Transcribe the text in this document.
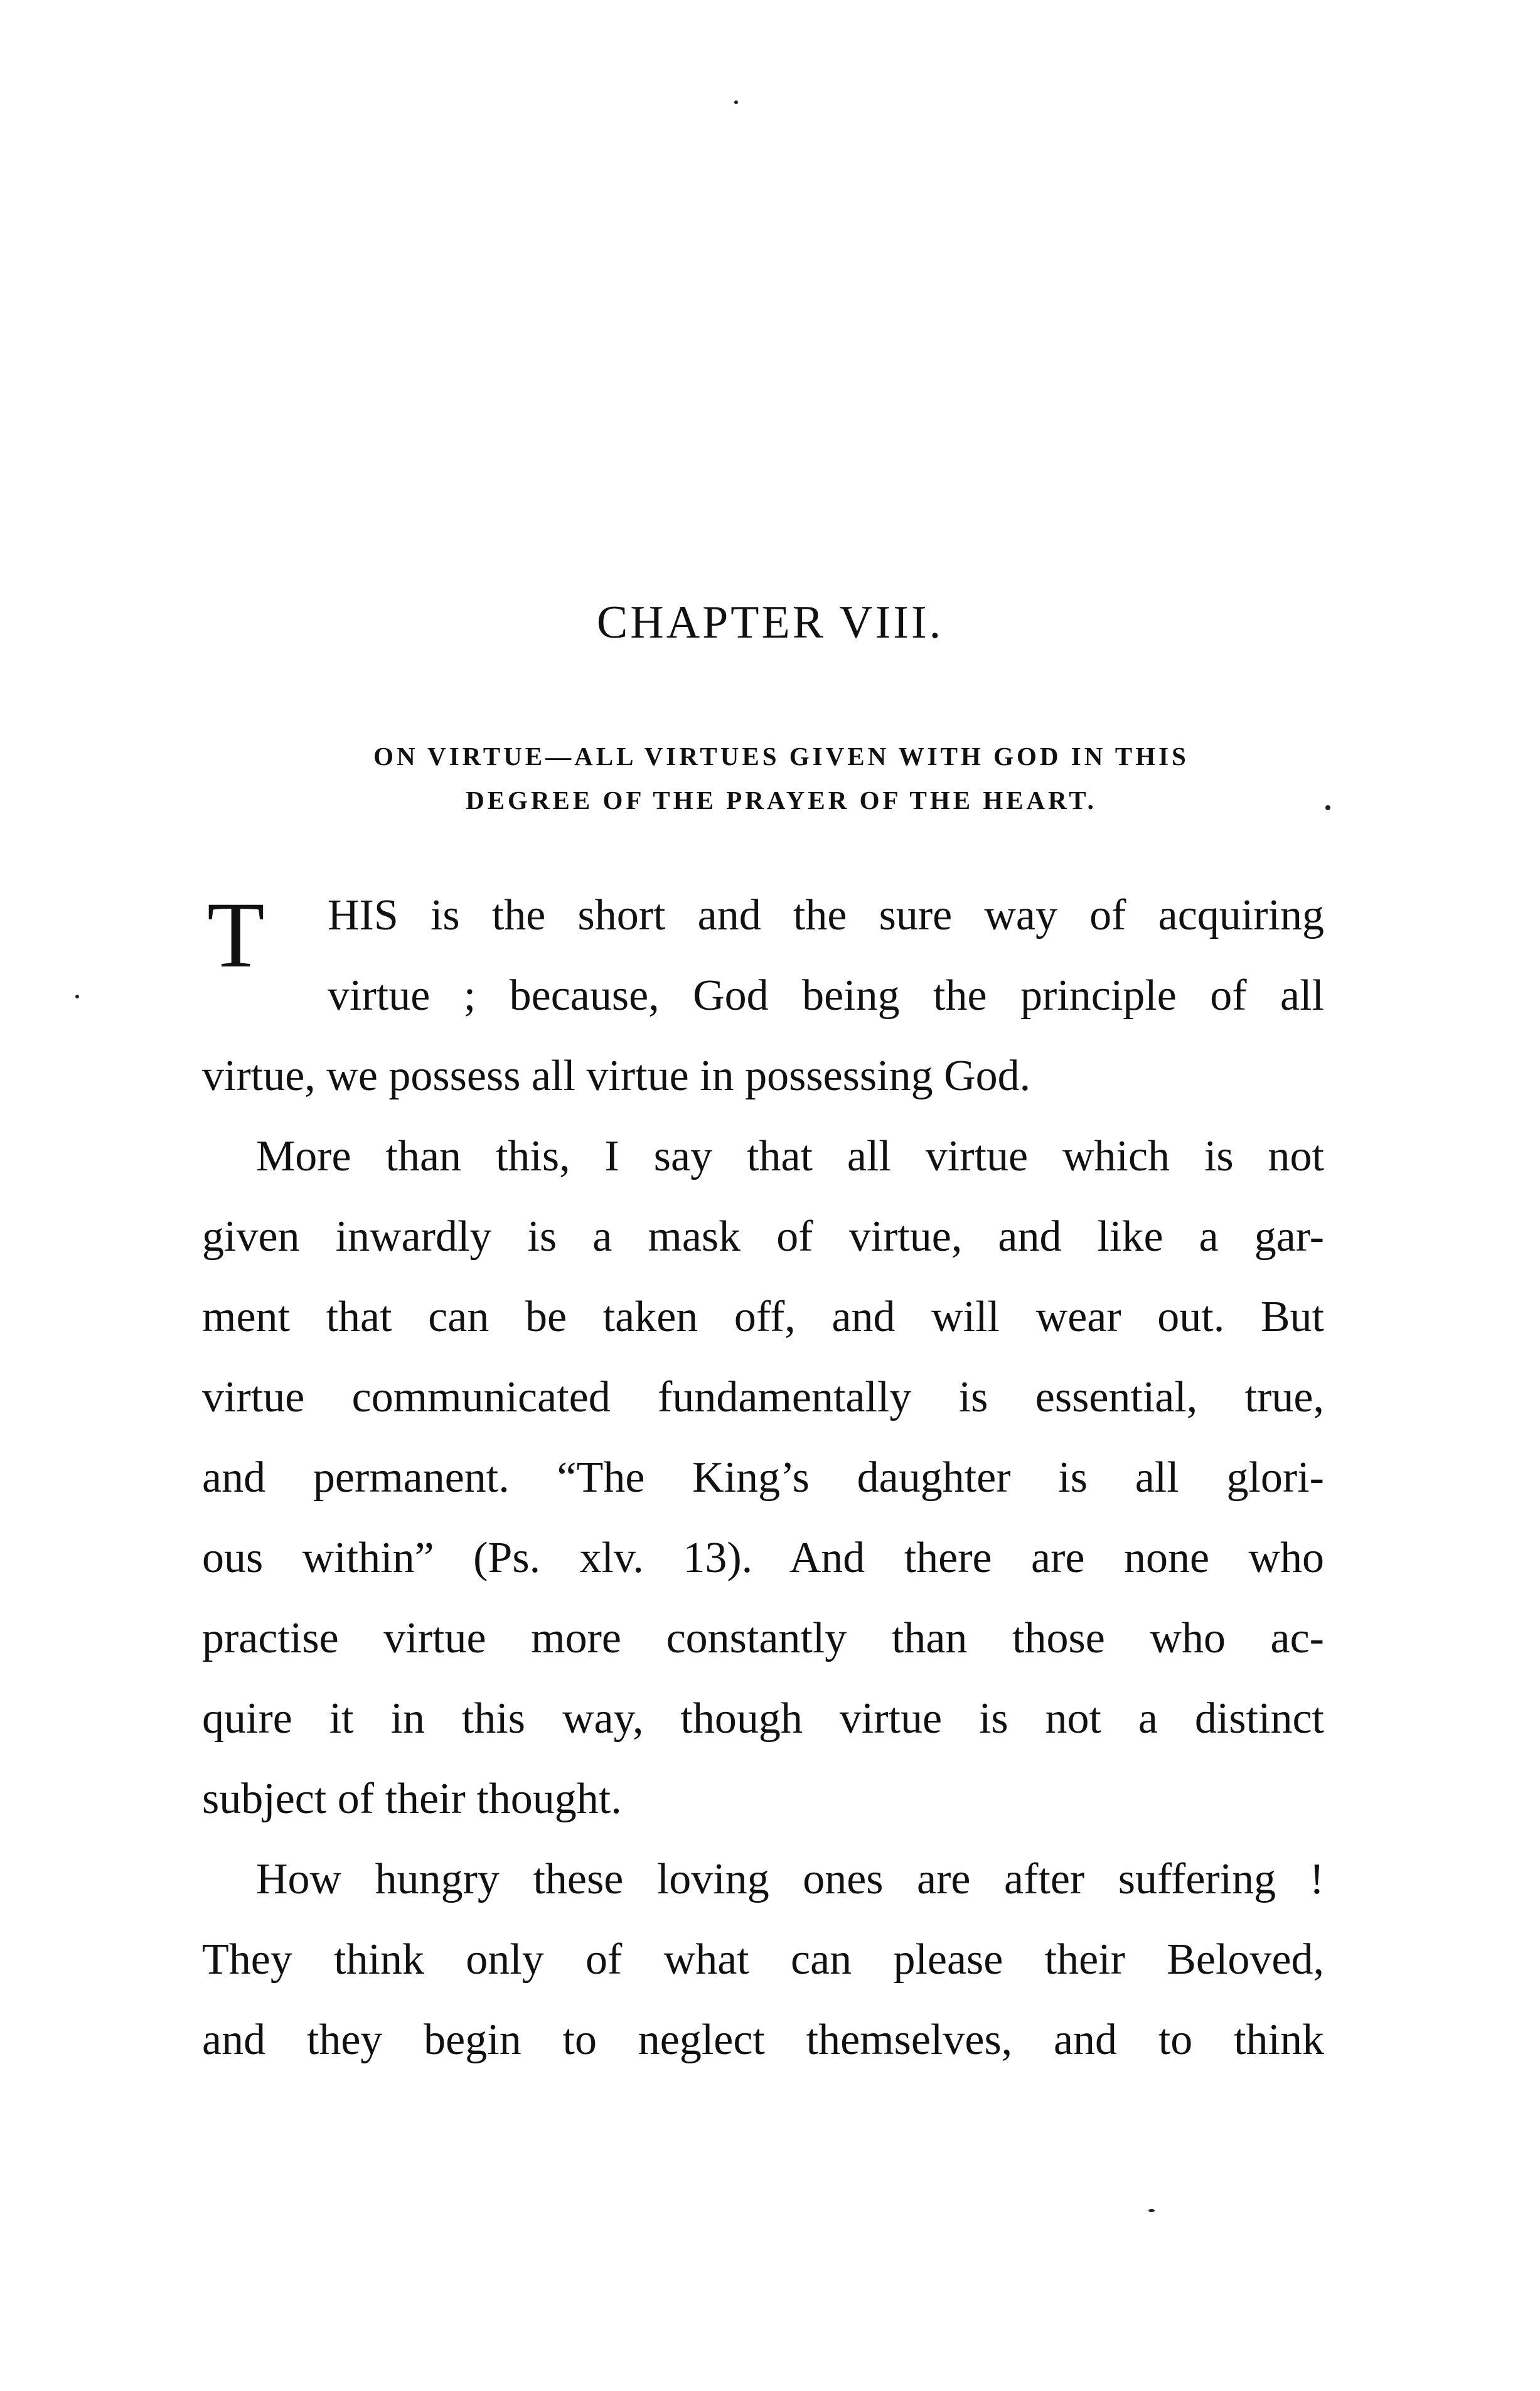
CHAPTER VIII.
ON VIRTUE—ALL VIRTUES GIVEN WITH GOD IN THIS
DEGREE OF THE PRAYER OF THE HEART.
T	HIS is the short and the sure way of acquiring
virtue ; because, God being the principle of all
virtue, we possess all virtue in possessing God.
More than this, I say that all virtue which is not
given inwardly is a mask of virtue, and like a gar-
ment that can be taken off, and will wear out. But
virtue communicated fundamentally is essential, true,
and permanent. “The King’s daughter is all glori-
ous within” (Ps. xlv. 13). And there are none who
practise virtue more constantly than those who ac-
quire it in this way, though virtue is not a distinct
subject of their thought.
How hungry these loving ones are after suffering !
They think only of what can please their Beloved,
and they begin to neglect themselves, and to think
